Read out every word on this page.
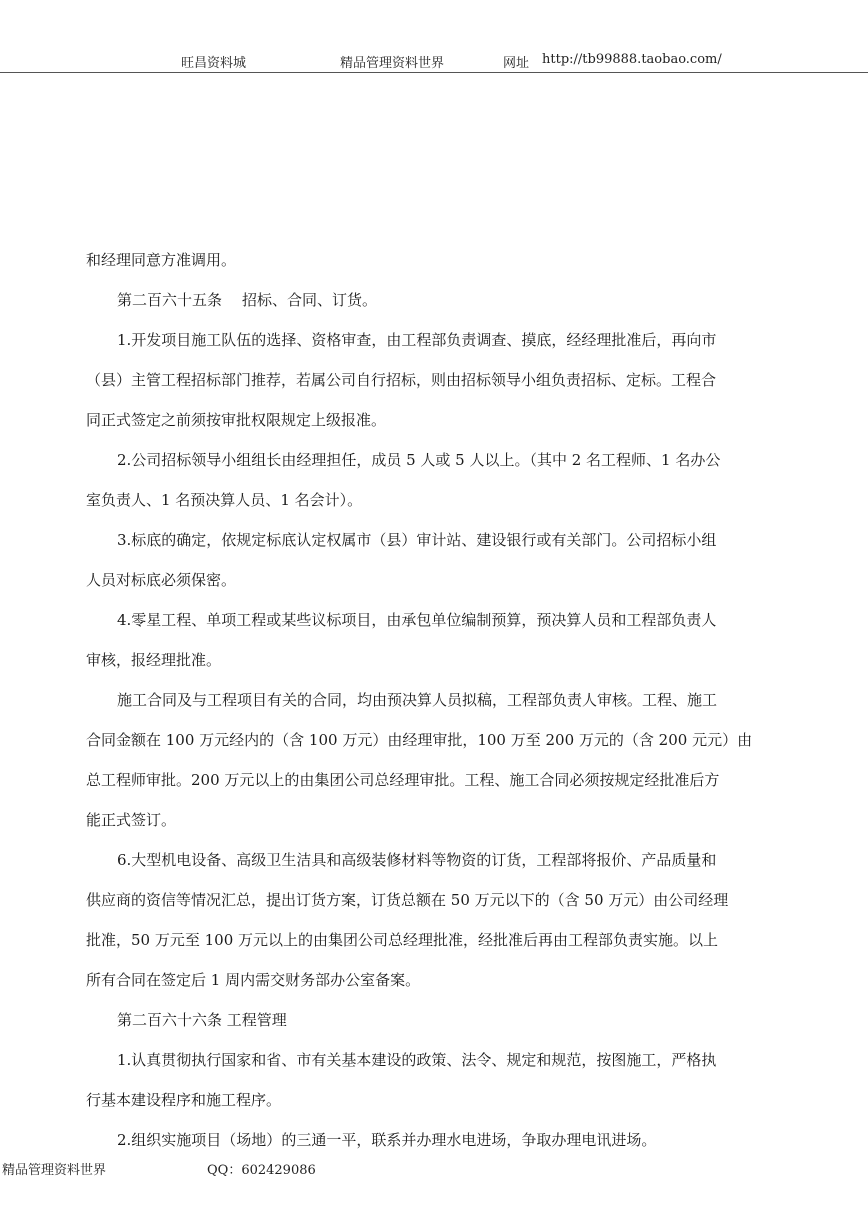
旺昌资料城	精品管理资料世界	网址 http://tb99888.taobao.com/

和经理同意方准调用。

第二百六十五条 招标、合同、订货。

1.开发项目施工队伍的选择、资格审查，由工程部负责调查、摸底，经经理批准后，再向市

（县）主管工程招标部门推荐，若属公司自行招标，则由招标领导小组负责招标、定标。工程合

同正式签定之前须按审批权限规定上级报准。

2.公司招标领导小组组长由经理担任，成员 5 人或 5 人以上。（其中 2 名工程师、1 名办公

室负责人、1 名预决算人员、1 名会计）。

3.标底的确定，依规定标底认定权属市（县）审计站、建设银行或有关部门。公司招标小组

人员对标底必须保密。

4.零星工程、单项工程或某些议标项目，由承包单位编制预算，预决算人员和工程部负责人

审核，报经理批准。

施工合同及与工程项目有关的合同，均由预决算人员拟稿，工程部负责人审核。工程、施工

合同金额在 100 万元经内的（含 100 万元）由经理审批，100 万至 200 万元的（含 200 元元）由

总工程师审批。200 万元以上的由集团公司总经理审批。工程、施工合同必须按规定经批准后方

能正式签订。

6.大型机电设备、高级卫生洁具和高级装修材料等物资的订货，工程部将报价、产品质量和

供应商的资信等情况汇总，提出订货方案，订货总额在 50 万元以下的（含 50 万元）由公司经理

批准，50 万元至 100 万元以上的由集团公司总经理批准，经批准后再由工程部负责实施。以上

所有合同在签定后 1 周内需交财务部办公室备案。

第二百六十六条 工程管理

1.认真贯彻执行国家和省、市有关基本建设的政策、法令、规定和规范，按图施工，严格执

行基本建设程序和施工程序。

2.组织实施项目（场地）的三通一平，联系并办理水电进场，争取办理电讯进场。

精品管理资料世界	QQ：602429086
